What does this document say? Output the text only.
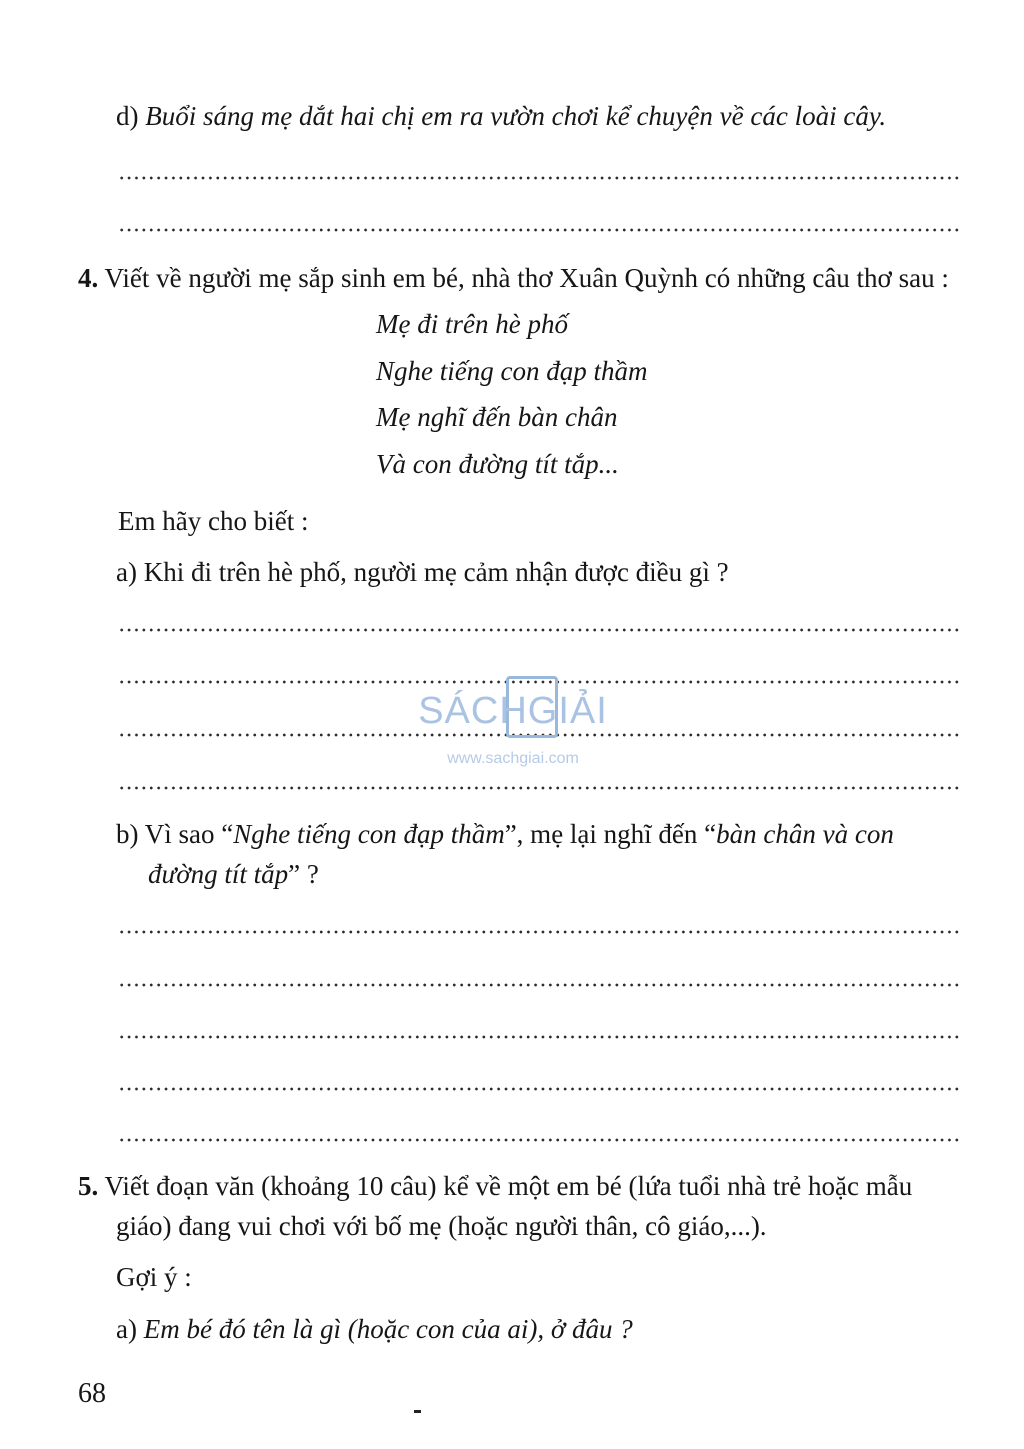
d) Buổi sáng mẹ dắt hai chị em ra vườn chơi kể chuyện về các loài cây.
4. Viết về người mẹ sắp sinh em bé, nhà thơ Xuân Quỳnh có những câu thơ sau :
Mẹ đi trên hè phố
Nghe tiếng con đạp thầm
Mẹ nghĩ đến bàn chân
Và con đường tít tắp...
Em hãy cho biết :
a) Khi đi trên hè phố, người mẹ cảm nhận được điều gì ?
b) Vì sao “Nghe tiếng con đạp thầm”, mẹ lại nghĩ đến “bàn chân và con
đường tít tắp” ?
5. Viết đoạn văn (khoảng 10 câu) kể về một em bé (lứa tuổi nhà trẻ hoặc mẫu
giáo) đang vui chơi với bố mẹ (hoặc người thân, cô giáo,...).
Gợi ý :
a) Em bé đó tên là gì (hoặc con của ai), ở đâu ?
SÁCHGIẢI
www.sachgiai.com
68
